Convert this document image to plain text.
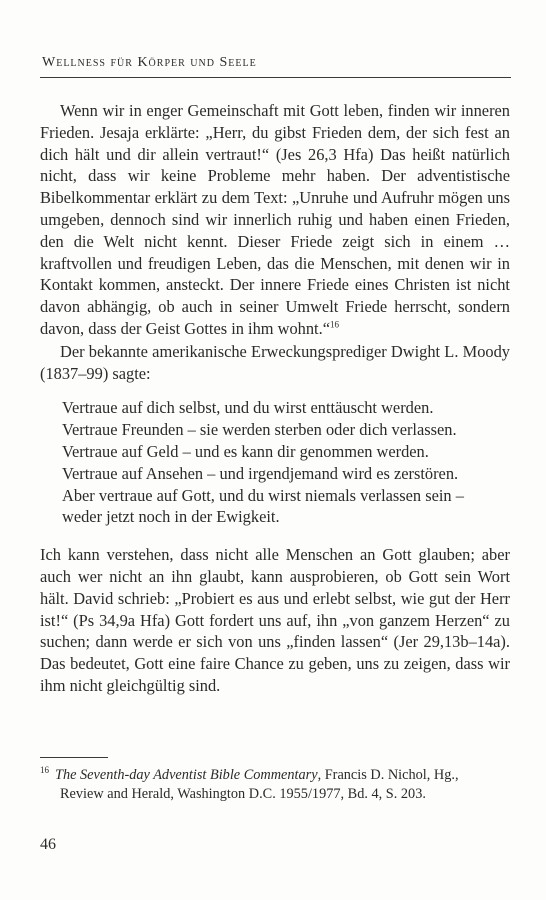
Wellness für Körper und Seele

Wenn wir in enger Gemeinschaft mit Gott leben, finden wir inneren Frieden. Jesaja erklärte: „Herr, du gibst Frieden dem, der sich fest an dich hält und dir allein vertraut!“ (Jes 26,3 Hfa) Das heißt natürlich nicht, dass wir keine Probleme mehr haben. Der adventistische Bibelkommentar erklärt zu dem Text: „Unruhe und Aufruhr mögen uns umgeben, dennoch sind wir innerlich ruhig und haben einen Frieden, den die Welt nicht kennt. Dieser Friede zeigt sich in einem … kraftvollen und freudigen Leben, das die Menschen, mit denen wir in Kontakt kommen, ansteckt. Der innere Friede eines Christen ist nicht davon abhängig, ob auch in seiner Umwelt Friede herrscht, sondern davon, dass der Geist Gottes in ihm wohnt.“$^{16}$

Der bekannte amerikanische Erweckungsprediger Dwight L. Moody (1837–99) sagte:

Vertraue auf dich selbst, und du wirst enttäuscht werden.
Vertraue Freunden – sie werden sterben oder dich verlassen.
Vertraue auf Geld – und es kann dir genommen werden.
Vertraue auf Ansehen – und irgendjemand wird es zerstören.
Aber vertraue auf Gott, und du wirst niemals verlassen sein –
weder jetzt noch in der Ewigkeit.

Ich kann verstehen, dass nicht alle Menschen an Gott glauben; aber auch wer nicht an ihn glaubt, kann ausprobieren, ob Gott sein Wort hält. David schrieb: „Probiert es aus und erlebt selbst, wie gut der Herr ist!“ (Ps 34,9a Hfa) Gott fordert uns auf, ihn „von ganzem Herzen“ zu suchen; dann werde er sich von uns „finden lassen“ (Jer 29,13b–14a). Das bedeutet, Gott eine faire Chance zu geben, uns zu zeigen, dass wir ihm nicht gleichgültig sind.

$^{16}$ The Seventh-day Adventist Bible Commentary, Francis D. Nichol, Hg.,
Review and Herald, Washington D.C. 1955/1977, Bd. 4, S. 203.
46
